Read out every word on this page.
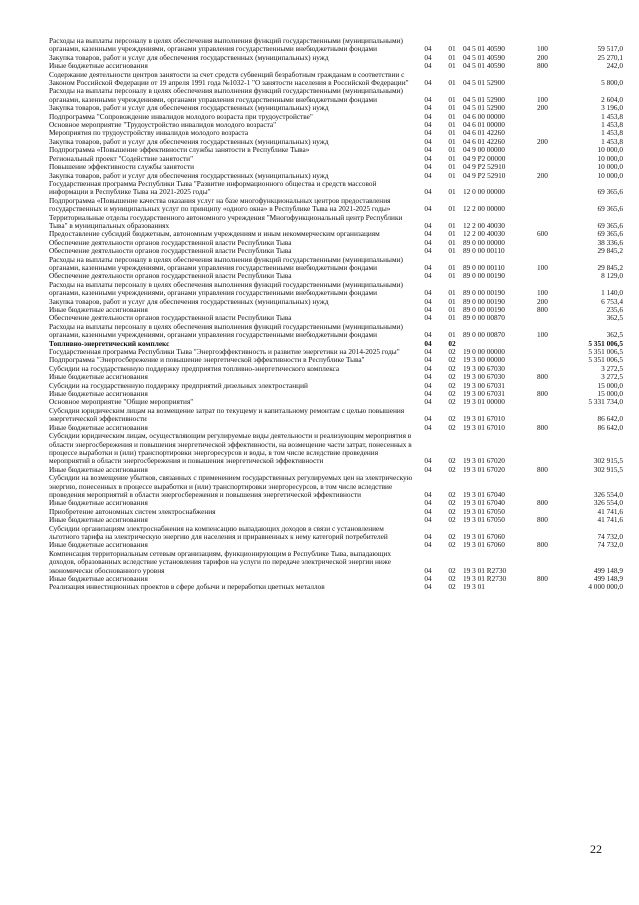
Расходы на выплаты персоналу в целях обеспечения выполнения функций государственными (муниципальными) органами, казенными учреждениями, органами управления государственными внебюджетными фондами	04	01	04 5 01 40590	100	59 517,0
Закупка товаров, работ и услуг для обеспечения государственных (муниципальных) нужд	04	01	04 5 01 40590	200	25 270,1
Иные бюджетные ассигнования	04	01	04 5 01 40590	800	242,0
Содержание деятельности центров занятости за счет средств субвенций безработным гражданам в соответствии с Законом Российской Федерации от 19 апреля 1991 года №1032-1 "О занятости населения в Российской Федерации"	04	01	04 5 01 52900		5 800,0
Расходы на выплаты персоналу в целях обеспечения выполнения функций государственными (муниципальными) органами, казенными учреждениями, органами управления государственными внебюджетными фондами	04	01	04 5 01 52900	100	2 604,0
Закупка товаров, работ и услуг для обеспечения государственных (муниципальных) нужд	04	01	04 5 01 52900	200	3 196,0
Подпрограмма "Сопровождение инвалидов молодого возраста при трудоустройстве"	04	01	04 6 00 00000		1 453,8
Основное мероприятие "Трудоустройство инвалидов молодого возраста"	04	01	04 6 01 00000		1 453,8
Мероприятия по трудоустройству инвалидов молодого возраста	04	01	04 6 01 42260		1 453,8
Закупка товаров, работ и услуг для обеспечения государственных (муниципальных) нужд	04	01	04 6 01 42260	200	1 453,8
Подпрограмма «Повышение эффективности службы занятости в Республике Тыва»	04	01	04 9 00 00000		10 000,0
Региональный проект "Содействие занятости"	04	01	04 9 P2 00000		10 000,0
Повышение эффективности службы занятости	04	01	04 9 P2 52910		10 000,0
Закупка товаров, работ и услуг для обеспечения государственных (муниципальных) нужд	04	01	04 9 P2 52910	200	10 000,0
Государственная программа Республики Тыва "Развитие информационного общества и средств массовой информации в Республике Тыва на 2021-2025 годы"	04	01	12 0 00 00000		69 365,6
Подпрограмма «Повышение качества оказания услуг на базе многофункциональных центров предоставления государственных и муниципальных услуг по принципу «одного окна» в Республике Тыва на 2021-2025 годы»	04	01	12 2 00 00000		69 365,6
Территориальные отделы государственного автономного учреждения "Многофункциональный центр Республики Тыва" в муниципальных образованиях	04	01	12 2 00 40030		69 365,6
Предоставление субсидий бюджетным, автономным учреждениям и иным некоммерческим организациям	04	01	12 2 00 40030	600	69 365,6
Обеспечение деятельности органов государственной власти Республики Тыва	04	01	89 0 00 00000		38 336,6
Обеспечение деятельности органов государственной власти Республики Тыва	04	01	89 0 00 00110		29 845,2
Расходы на выплаты персоналу в целях обеспечения выполнения функций государственными (муниципальными) органами, казенными учреждениями, органами управления государственными внебюджетными фондами	04	01	89 0 00 00110	100	29 845,2
Обеспечение деятельности органов государственной власти Республики Тыва	04	01	89 0 00 00190		8 129,0
Расходы на выплаты персоналу в целях обеспечения выполнения функций государственными (муниципальными) органами, казенными учреждениями, органами управления государственными внебюджетными фондами	04	01	89 0 00 00190	100	1 140,0
Закупка товаров, работ и услуг для обеспечения государственных (муниципальных) нужд	04	01	89 0 00 00190	200	6 753,4
Иные бюджетные ассигнования	04	01	89 0 00 00190	800	235,6
Обеспечение деятельности органов государственной власти Республики Тыва	04	01	89 0 00 00870		362,5
Расходы на выплаты персоналу в целях обеспечения выполнения функций государственными (муниципальными) органами, казенными учреждениями, органами управления государственными внебюджетными фондами	04	01	89 0 00 00870	100	362,5
Топливно-энергетический комплекс	04	02			5 351 006,5
Государственная программа Республики Тыва "Энергоэффективность и развитие энергетики на 2014-2025 годы"	04	02	19 0 00 00000		5 351 006,5
Подпрограмма "Энергосбережение и повышение энергетической эффективности в Республике Тыва"	04	02	19 3 00 00000		5 351 006,5
Субсидии на государственную поддержку предприятия топливно-энергетического комплекса	04	02	19 3 00 67030		3 272,5
Иные бюджетные ассигнования	04	02	19 3 00 67030	800	3 272,5
Субсидии на государственную поддержку предприятий дизельных электростанций	04	02	19 3 00 67031		15 000,0
Иные бюджетные ассигнования	04	02	19 3 00 67031	800	15 000,0
Основное мероприятие "Общие мероприятия"	04	02	19 3 01 00000		5 331 734,0
Субсидии юридическим лицам на возмещение затрат по текущему и капитальному ремонтам с целью повышения энергетической эффективности	04	02	19 3 01 67010		86 642,0
Иные бюджетные ассигнования	04	02	19 3 01 67010	800	86 642,0
Субсидии юридическим лицам, осуществляющим регулируемые виды деятельности и реализующим мероприятия в области энергосбережения и повышения энергетической эффективности, на возмещение части затрат, понесенных в процессе выработки и (или) транспортировки энергоресурсов и воды, в том числе вследствие проведения мероприятий в области энергосбережения и повышения энергетической эффективности	04	02	19 3 01 67020		302 915,5
Иные бюджетные ассигнования	04	02	19 3 01 67020	800	302 915,5
Субсидии на возмещение убытков, связанных с применением государственных регулируемых цен на электрическую энергию, понесенных в процессе выработки и (или) транспортировки энергоресурсов, в том числе вследствие проведения мероприятий в области энергосбережения и повышения энергетической эффективности	04	02	19 3 01 67040		326 554,0
Иные бюджетные ассигнования	04	02	19 3 01 67040	800	326 554,0
Приобретение автономных систем электроснабжения	04	02	19 3 01 67050		41 741,6
Иные бюджетные ассигнования	04	02	19 3 01 67050	800	41 741,6
Субсидии организациям электроснабжения на компенсацию выпадающих доходов в связи с установлением льготного тарифа на электрическую энергию для населения и приравненных к нему категорий потребителей	04	02	19 3 01 67060		74 732,0
Иные бюджетные ассигнования	04	02	19 3 01 67060	800	74 732,0
Компенсация территориальным сетевым организациям, функционирующим в Республике Тыва, выпадающих доходов, образованных вследствие установления тарифов на услуги по передаче электрической энергии ниже экономически обоснованного уровня	04	02	19 3 01 R2730		499 148,9
Иные бюджетные ассигнования	04	02	19 3 01 R2730	800	499 148,9
Реализация инвестиционных проектов в сфере добычи и переработки цветных металлов	04	02	19 3 01		4 000 000,0
22
